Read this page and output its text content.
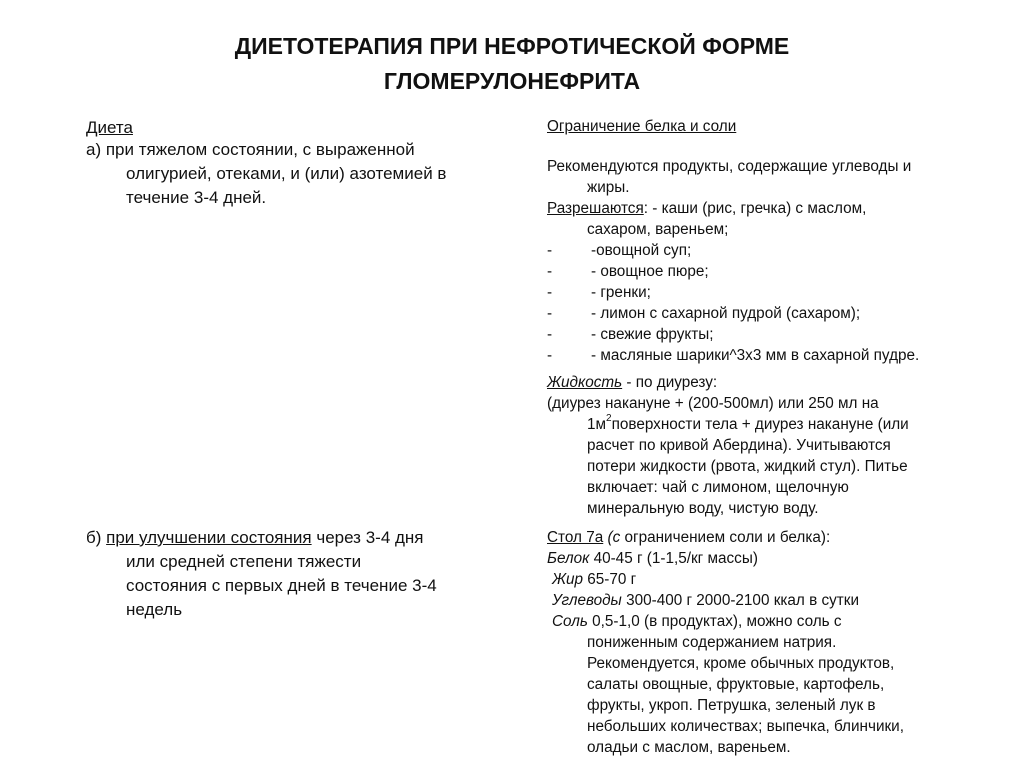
ДИЕТОТЕРАПИЯ ПРИ НЕФРОТИЧЕСКОЙ ФОРМЕ
ГЛОМЕРУЛОНЕФРИТА
Диета
а) при тяжелом состоянии, с выраженной
олигурией, отеками, и (или) азотемией в
течение 3-4 дней.
б) при улучшении состояния через 3-4 дня
или средней степени тяжести
состояния с первых дней в течение 3-4
недель
Ограничение белка и соли
Рекомендуются продукты, содержащие углеводы и
жиры.
Разрешаются: - каши (рис, гречка) с маслом,
сахаром, вареньем;
-	-овощной суп;
-	- овощное пюре;
-	- гренки;
-	- лимон с сахарной пудрой (сахаром);
-	- свежие фрукты;
-	- масляные шарики^3х3 мм в сахарной пудре.
Жидкость - по диурезу:
(диурез накануне + (200-500мл) или 250 мл на
$1м^2поверхности$ тела + диурез накануне (или
расчет по кривой Абердина). Учитываются
потери жидкости (рвота, жидкий стул). Питье
включает: чай с лимоном, щелочную
минеральную воду, чистую воду.
Стол 7а (с ограничением соли и белка):
Белок 40-45 г (1-1,5/кг массы)
Жир 65-70 г
Углеводы 300-400 г 2000-2100 ккал в сутки
Соль 0,5-1,0 (в продуктах), можно соль с
пониженным содержанием натрия.
Рекомендуется, кроме обычных продуктов,
салаты овощные, фруктовые, картофель,
фрукты, укроп. Петрушка, зеленый лук в
небольших количествах; выпечка, блинчики,
оладьи с маслом, вареньем.
